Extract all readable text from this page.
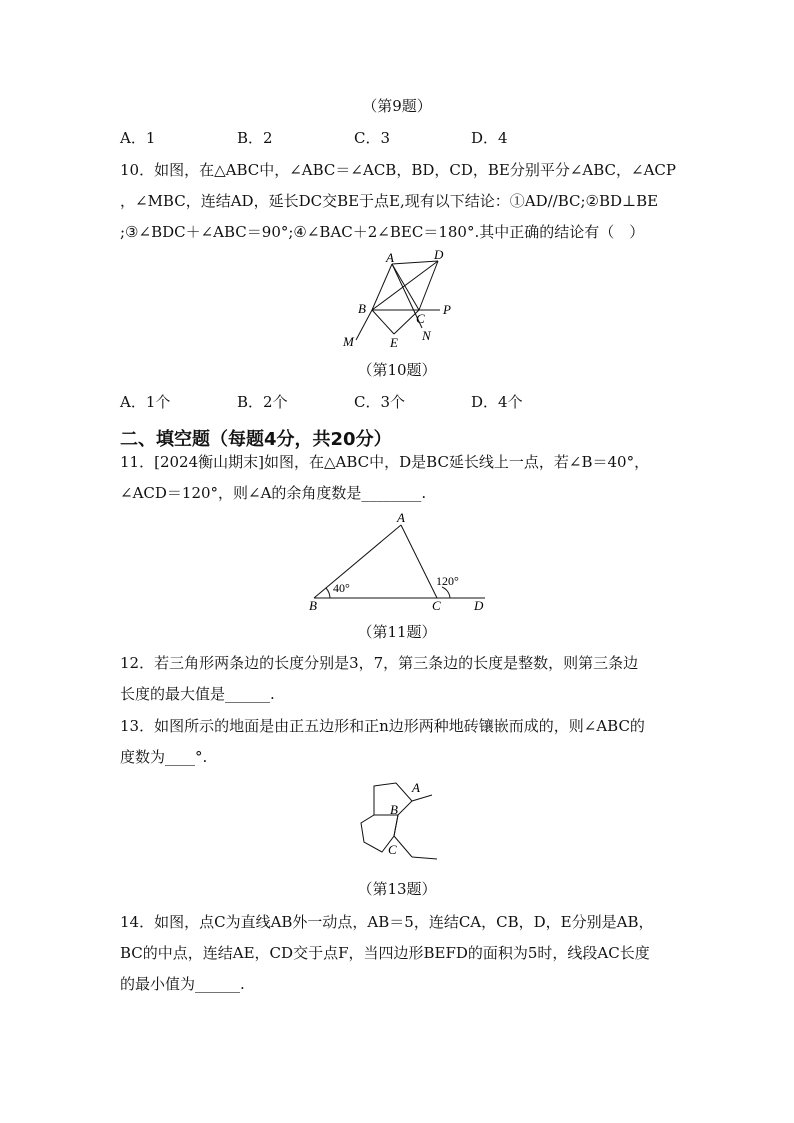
（第9题）
A．1	B．2	C．3	D．4
10．如图，在△ABC中，∠ABC＝∠ACB，BD，CD，BE分别平分∠ABC，∠ACP
，∠MBC，连结AD，延长DC交BE于点E,现有以下结论：①AD//BC;②BD⊥BE
;③∠BDC＋∠ABC＝90°;④∠BAC＋2∠BEC＝180°.其中正确的结论有（　）
A	D
B
C
P
M	E N
（第10题）
A．1个	B．2个	C．3个	D．4个
二、填空题（每题4分，共20分）
11．[2024衡山期末]如图，在△ABC中，D是BC延长线上一点，若∠B＝40°，
∠ACD＝120°，则∠A的余角度数是________.
A
B	C	D
40°	120°
（第11题）
12．若三角形两条边的长度分别是3，7，第三条边的长度是整数，则第三条边
长度的最大值是______.
13．如图所示的地面是由正五边形和正n边形两种地砖镶嵌而成的，则∠ABC的
度数为____°.
A
B
C
（第13题）
14．如图，点C为直线AB外一动点，AB＝5，连结CA，CB，D，E分别是AB，
BC的中点，连结AE，CD交于点F，当四边形BEFD的面积为5时，线段AC长度
的最小值为______.
